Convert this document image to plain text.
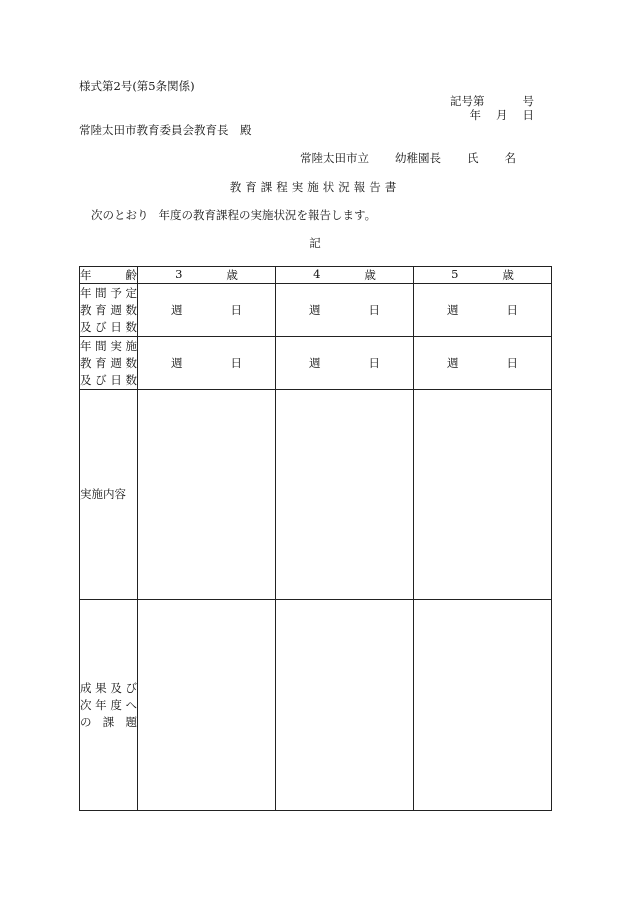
様式第2号(第5条関係)
記号第	号
年 月 日
常陸太田市教育委員会教育長　殿
常陸太田市立 幼稚園長 氏 名
教育課程実施状況報告書
次のとおり 年度の教育課程の実施状況を報告します。
記
年　齢	3 歳	4 歳	5 歳

年間予定
教育週数
及び日数	週 日	週 日	週 日

年間実施
教育週数
及び日数	週 日	週 日	週 日

実施内容			

成果及び
次年度へ
の課題			
